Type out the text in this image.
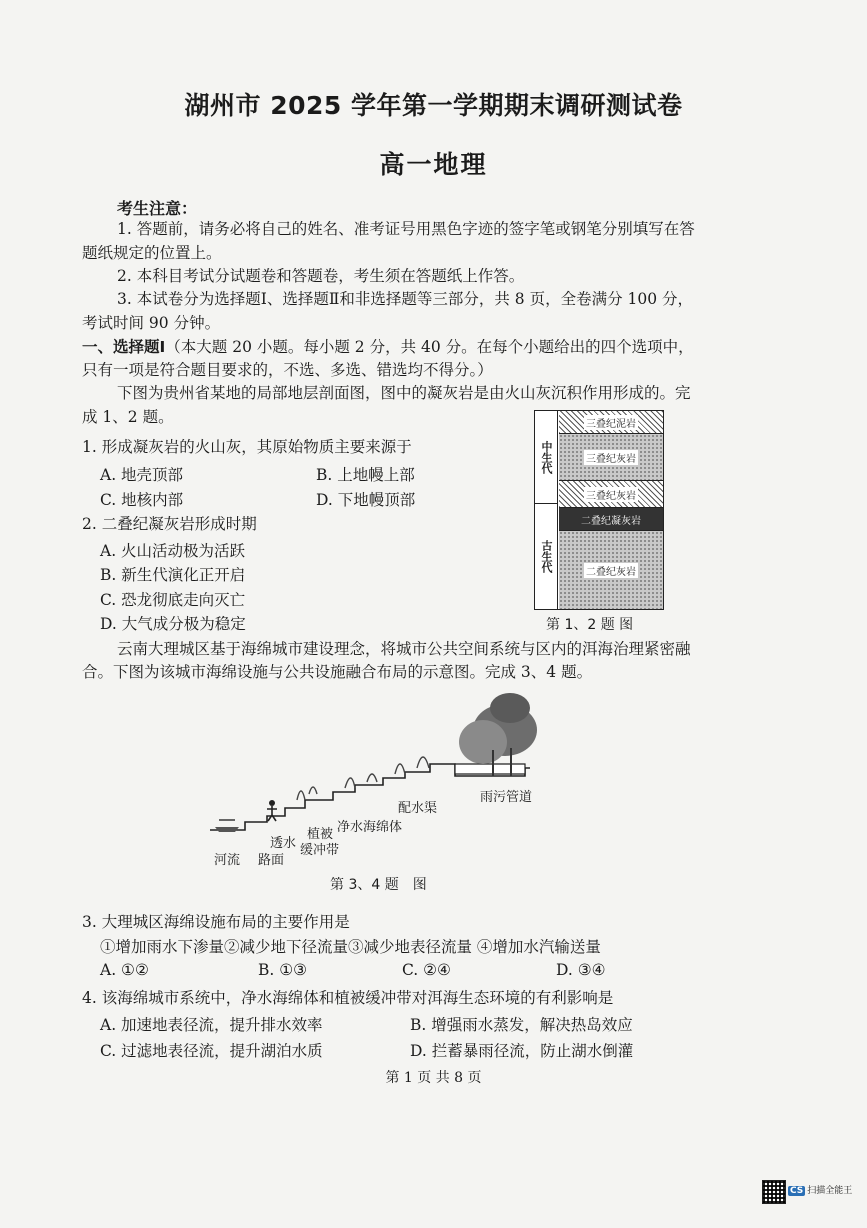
湖州市 2025 学年第一学期期末调研测试卷
高一地理
考生注意：
1. 答题前，请务必将自己的姓名、准考证号用黑色字迹的签字笔或钢笔分别填写在答
题纸规定的位置上。
2. 本科目考试分试题卷和答题卷，考生须在答题纸上作答。
3. 本试卷分为选择题Ⅰ、选择题Ⅱ和非选择题等三部分，共 8 页，全卷满分 100 分，
考试时间 90 分钟。
一、选择题Ⅰ（本大题 20 小题。每小题 2 分，共 40 分。在每个小题给出的四个选项中，
只有一项是符合题目要求的，不选、多选、错选均不得分。）
下图为贵州省某地的局部地层剖面图，图中的凝灰岩是由火山灰沉积作用形成的。完
成 1、2 题。
1. 形成凝灰岩的火山灰，其原始物质主要来源于
A. 地壳顶部	B. 上地幔上部
C. 地核内部	D. 下地幔顶部
2. 二叠纪凝灰岩形成时期
A. 火山活动极为活跃
B. 新生代演化正开启
C. 恐龙彻底走向灭亡
D. 大气成分极为稳定
中生代
古生代
三叠纪泥岩
三叠纪灰岩
三叠纪灰岩
二叠纪凝灰岩
二叠纪灰岩
第 1、2 题 图
云南大理城区基于海绵城市建设理念，将城市公共空间系统与区内的洱海治理紧密融
合。下图为该城市海绵设施与公共设施融合布局的示意图。完成 3、4 题。
河流
透水
路面
植被
缓冲带
净水海绵体
配水渠
雨污管道
第 3、4 题　图
3. 大理城区海绵设施布局的主要作用是
①增加雨水下渗量②减少地下径流量③减少地表径流量 ④增加水汽输送量
A. ①②	B. ①③	C. ②④	D. ③④
4. 该海绵城市系统中，净水海绵体和植被缓冲带对洱海生态环境的有利影响是
A. 加速地表径流，提升排水效率	B. 增强雨水蒸发，解决热岛效应
C. 过滤地表径流，提升湖泊水质	D. 拦蓄暴雨径流，防止湖水倒灌
第 1 页 共 8 页
CS 扫描全能王
